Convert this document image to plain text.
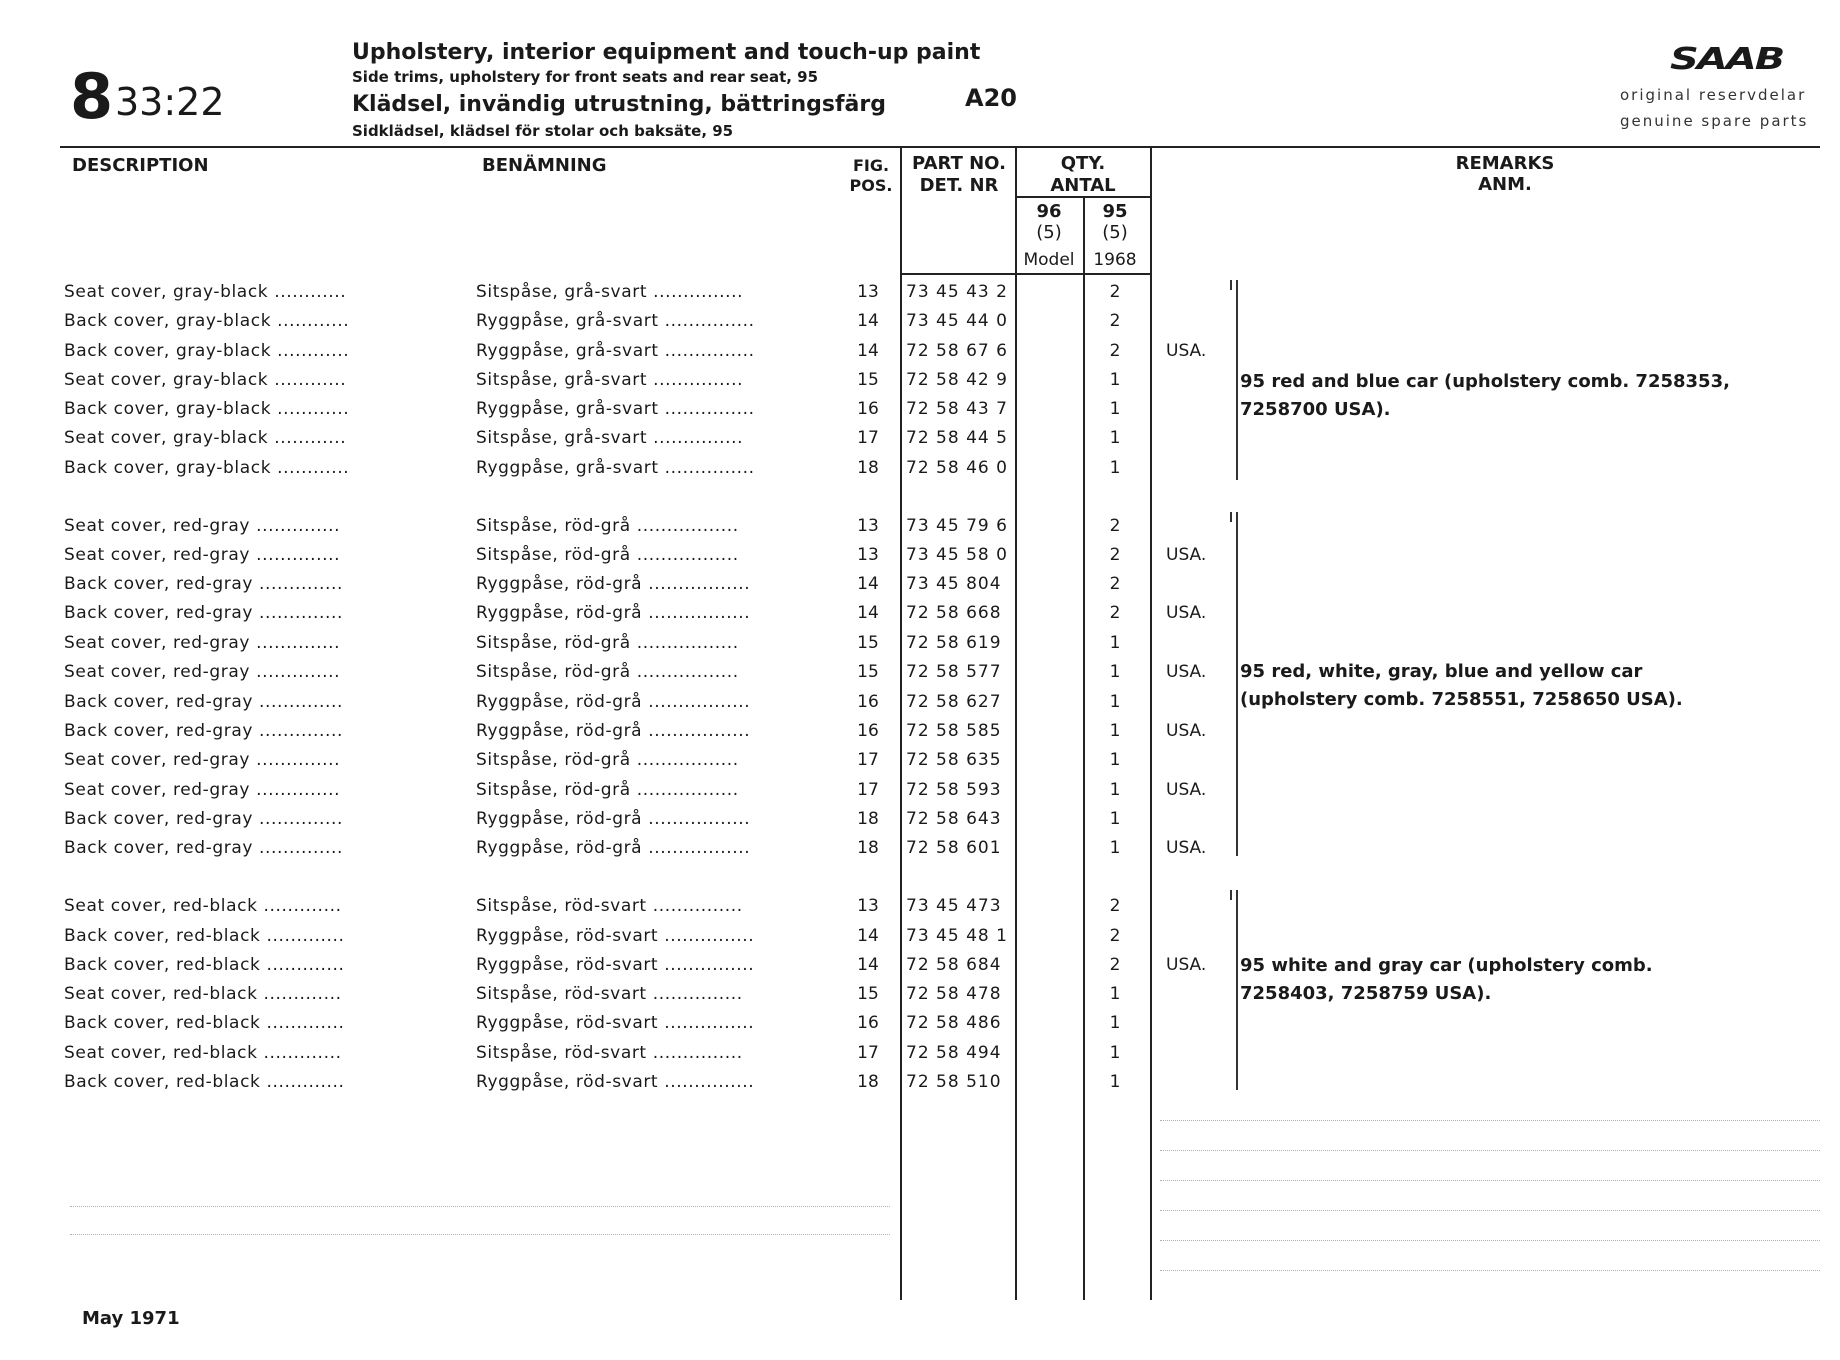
8 33:22
Upholstery, interior equipment and touch-up paint
Side trims, upholstery for front seats and rear seat, 95
Klädsel, invändig utrustning, bättringsfärg
Sidklädsel, klädsel för stolar och baksäte, 95
A20
SAAB
original reservdelar
genuine spare parts
DESCRIPTION	BENÄMNING	FIG.
POS.
PART NO.
DET. NR
QTY.
ANTAL
96
(5)
95
(5)
Model	1968
REMARKS
ANM.
95 red and blue car (upholstery comb. 7258353,
7258700 USA).
95 red, white, gray, blue and yellow car
(upholstery comb. 7258551, 7258650 USA).
95 white and gray car (upholstery comb.
7258403, 7258759 USA).
Seat cover, gray-black ............	Sitspåse, grå-svart ...............	13	73 45 43 2	2
Back cover, gray-black ............	Ryggpåse, grå-svart ...............	14	73 45 44 0	2
Back cover, gray-black ............	Ryggpåse, grå-svart ...............	14	72 58 67 6	2	USA.
Seat cover, gray-black ............	Sitspåse, grå-svart ...............	15	72 58 42 9	1
Back cover, gray-black ............	Ryggpåse, grå-svart ...............	16	72 58 43 7	1
Seat cover, gray-black ............	Sitspåse, grå-svart ...............	17	72 58 44 5	1
Back cover, gray-black ............	Ryggpåse, grå-svart ...............	18	72 58 46 0	1
Seat cover, red-gray ..............	Sitspåse, röd-grå .................	13	73 45 79 6	2
Seat cover, red-gray ..............	Sitspåse, röd-grå .................	13	73 45 58 0	2	USA.
Back cover, red-gray ..............	Ryggpåse, röd-grå .................	14	73 45 804	2
Back cover, red-gray ..............	Ryggpåse, röd-grå .................	14	72 58 668	2	USA.
Seat cover, red-gray ..............	Sitspåse, röd-grå .................	15	72 58 619	1
Seat cover, red-gray ..............	Sitspåse, röd-grå .................	15	72 58 577	1	USA.
Back cover, red-gray ..............	Ryggpåse, röd-grå .................	16	72 58 627	1
Back cover, red-gray ..............	Ryggpåse, röd-grå .................	16	72 58 585	1	USA.
Seat cover, red-gray ..............	Sitspåse, röd-grå .................	17	72 58 635	1
Seat cover, red-gray ..............	Sitspåse, röd-grå .................	17	72 58 593	1	USA.
Back cover, red-gray ..............	Ryggpåse, röd-grå .................	18	72 58 643	1
Back cover, red-gray ..............	Ryggpåse, röd-grå .................	18	72 58 601	1	USA.
Seat cover, red-black .............	Sitspåse, röd-svart ...............	13	73 45 473	2
Back cover, red-black .............	Ryggpåse, röd-svart ...............	14	73 45 48 1	2
Back cover, red-black .............	Ryggpåse, röd-svart ...............	14	72 58 684	2	USA.
Seat cover, red-black .............	Sitspåse, röd-svart ...............	15	72 58 478	1
Back cover, red-black .............	Ryggpåse, röd-svart ...............	16	72 58 486	1
Seat cover, red-black .............	Sitspåse, röd-svart ...............	17	72 58 494	1
Back cover, red-black .............	Ryggpåse, röd-svart ...............	18	72 58 510	1
May 1971
